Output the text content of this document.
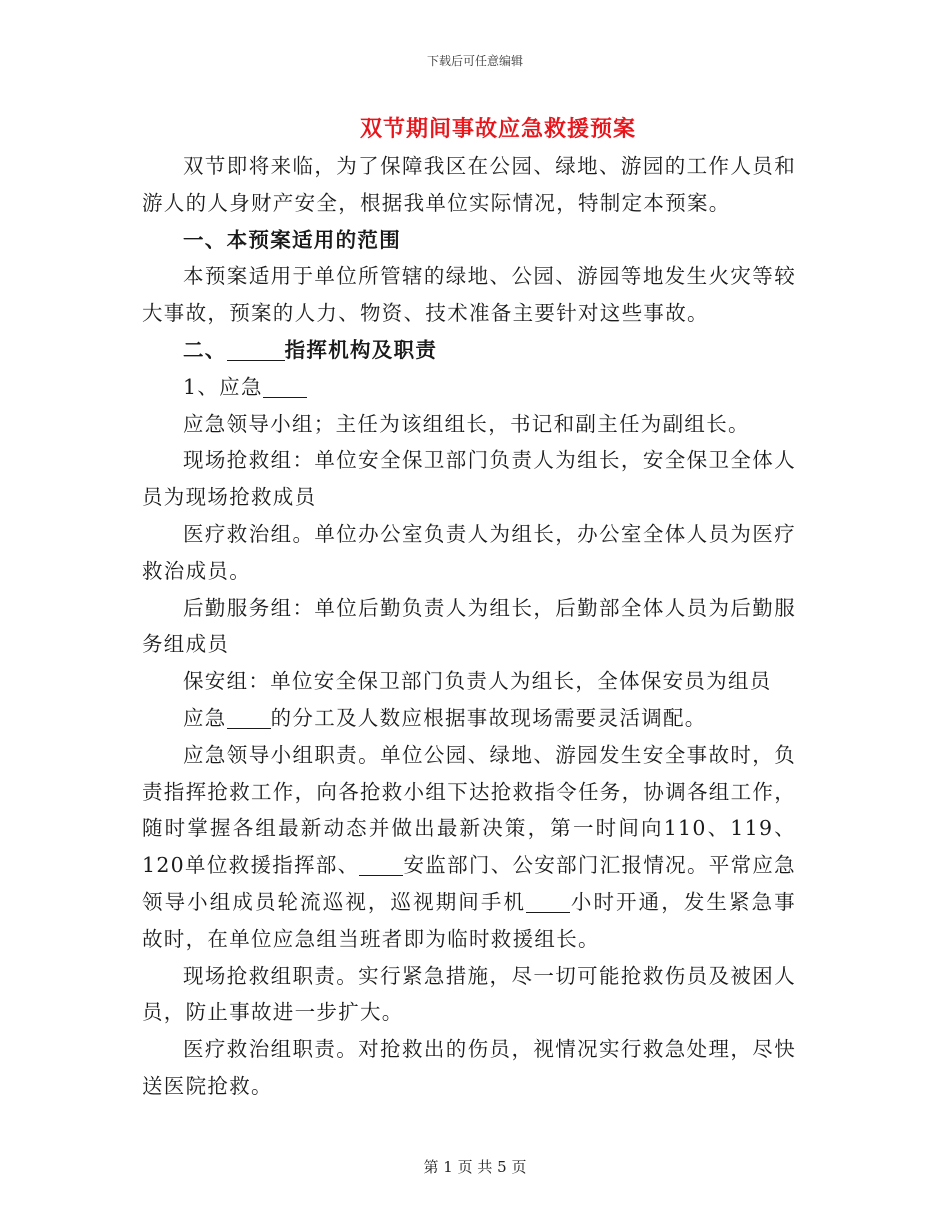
下载后可任意编辑
双节期间事故应急救援预案

双节即将来临，为了保障我区在公园、绿地、游园的工作人员和游人的人身财产安全，根据我单位实际情况，特制定本预案。

一、本预案适用的范围

本预案适用于单位所管辖的绿地、公园、游园等地发生火灾等较大事故，预案的人力、物资、技术准备主要针对这些事故。

二、	指挥机构及职责

1、应急

应急领导小组；主任为该组组长，书记和副主任为副组长。

现场抢救组：单位安全保卫部门负责人为组长，安全保卫全体人员为现场抢救成员

医疗救治组。单位办公室负责人为组长，办公室全体人员为医疗救治成员。

后勤服务组：单位后勤负责人为组长，后勤部全体人员为后勤服务组成员

保安组：单位安全保卫部门负责人为组长，全体保安员为组员

应急 的分工及人数应根据事故现场需要灵活调配。

应急领导小组职责。单位公园、绿地、游园发生安全事故时，负责指挥抢救工作，向各抢救小组下达抢救指令任务，协调各组工作，随时掌握各组最新动态并做出最新决策，第一时间向110、119、120单位救援指挥部、 安监部门、公安部门汇报情况。平常应急领导小组成员轮流巡视，巡视期间手机 小时开通，发生紧急事故时，在单位应急组当班者即为临时救援组长。

现场抢救组职责。实行紧急措施，尽一切可能抢救伤员及被困人员，防止事故进一步扩大。

医疗救治组职责。对抢救出的伤员，视情况实行救急处理，尽快送医院抢救。

第 1 页 共 5 页
